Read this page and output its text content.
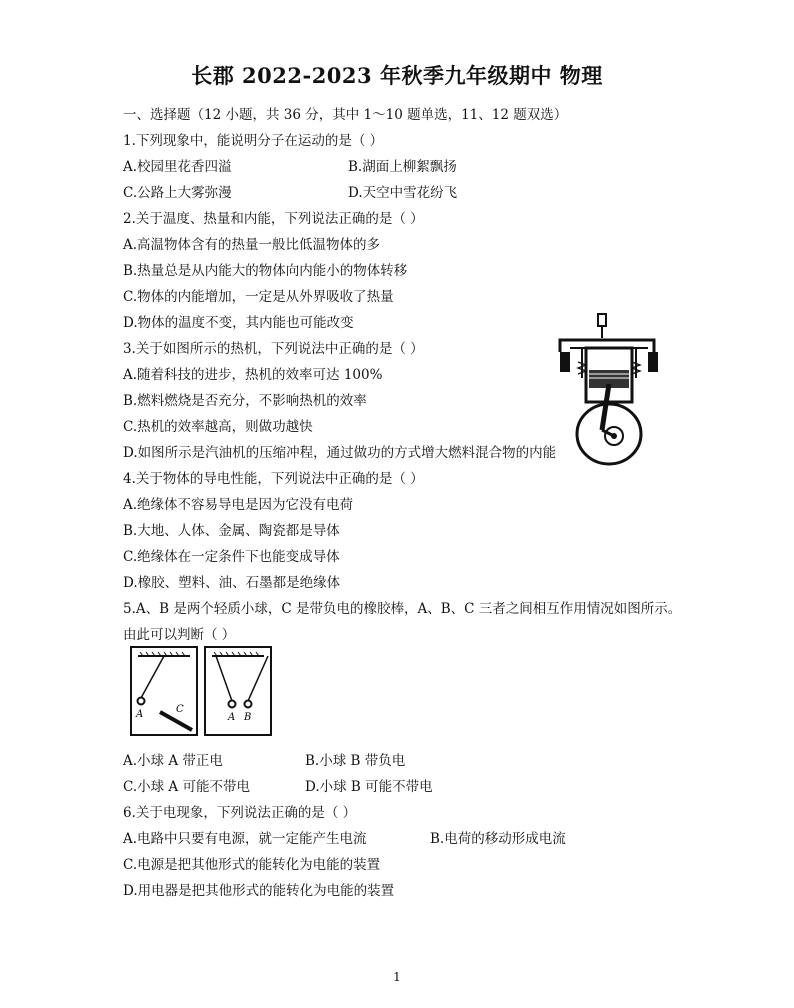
长郡 2022-2023 年秋季九年级期中 物理
一、选择题（12 小题，共 36 分，其中 1～10 题单选，11、12 题双选）
1.下列现象中，能说明分子在运动的是（ ）
A.校园里花香四溢	B.湖面上柳絮飘扬
C.公路上大雾弥漫	D.天空中雪花纷飞
2.关于温度、热量和内能，下列说法正确的是（ ）
A.高温物体含有的热量一般比低温物体的多
B.热量总是从内能大的物体向内能小的物体转移
C.物体的内能增加，一定是从外界吸收了热量
D.物体的温度不变，其内能也可能改变
3.关于如图所示的热机，下列说法中正确的是（ ）
A.随着科技的进步，热机的效率可达 100%
B.燃料燃烧是否充分，不影响热机的效率
C.热机的效率越高，则做功越快
D.如图所示是汽油机的压缩冲程，通过做功的方式增大燃料混合物的内能
4.关于物体的导电性能，下列说法中正确的是（ ）
A.绝缘体不容易导电是因为它没有电荷
B.大地、人体、金属、陶瓷都是导体
C.绝缘体在一定条件下也能变成导体
D.橡胶、塑料、油、石墨都是绝缘体
5.A、B 是两个轻质小球，C 是带负电的橡胶棒，A、B、C 三者之间相互作用情况如图所示。
由此可以判断（ ）
A	C
A B
A.小球 A 带正电	B.小球 B 带负电
C.小球 A 可能不带电	D.小球 B 可能不带电
6.关于电现象，下列说法正确的是（ ）
A.电路中只要有电源，就一定能产生电流	B.电荷的移动形成电流
C.电源是把其他形式的能转化为电能的装置
D.用电器是把其他形式的能转化为电能的装置
1
